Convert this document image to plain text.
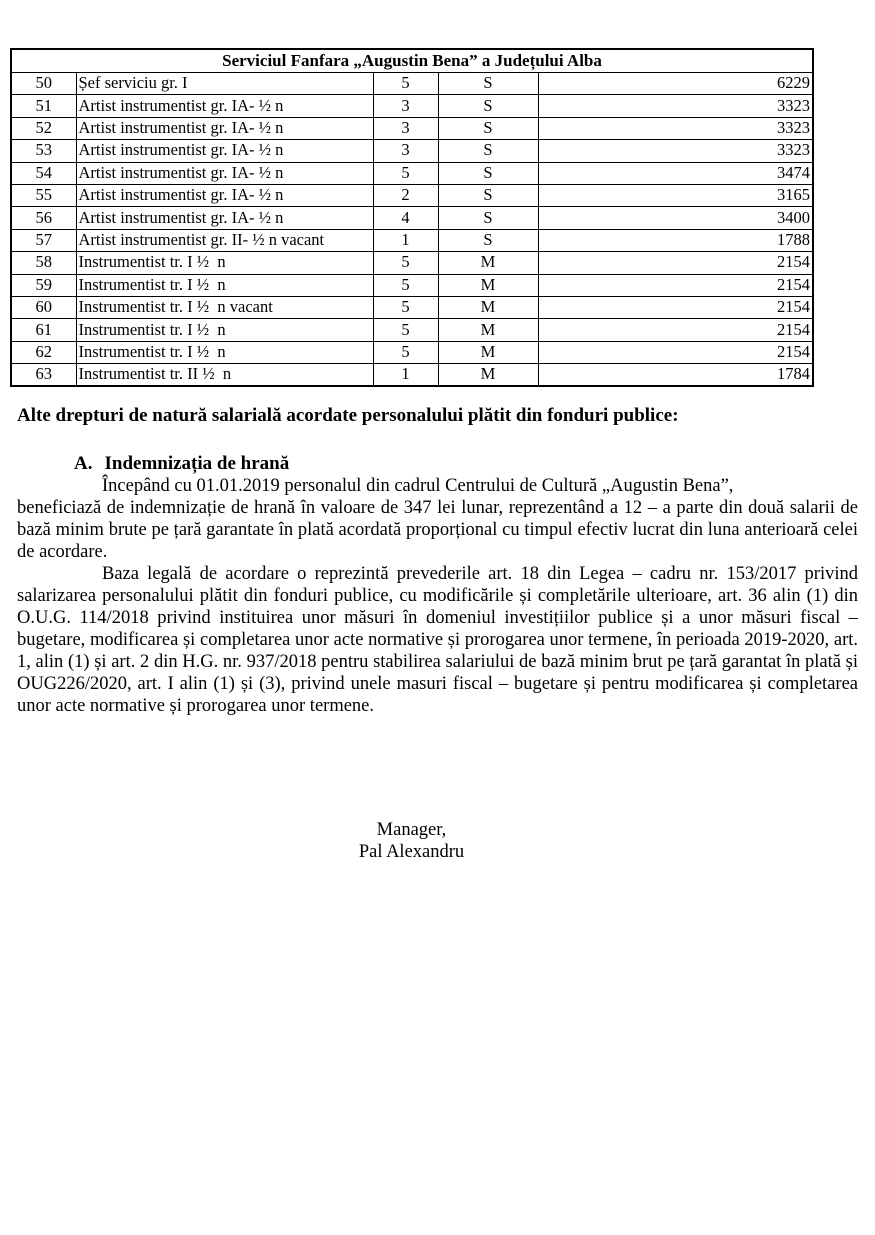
Serviciul Fanfara „Augustin Bena” a Județului Alba				
50	Șef serviciu gr. I	5	S	6229
51	Artist instrumentist gr. IA- ½ n	3	S	3323
52	Artist instrumentist gr. IA- ½ n	3	S	3323
53	Artist instrumentist gr. IA- ½ n	3	S	3323
54	Artist instrumentist gr. IA- ½ n	5	S	3474
55	Artist instrumentist gr. IA- ½ n	2	S	3165
56	Artist instrumentist gr. IA- ½ n	4	S	3400
57	Artist instrumentist gr. II- ½ n vacant	1	S	1788
58	Instrumentist tr. I ½  n	5	M	2154
59	Instrumentist tr. I ½  n	5	M	2154
60	Instrumentist tr. I ½  n vacant	5	M	2154
61	Instrumentist tr. I ½  n	5	M	2154
62	Instrumentist tr. I ½  n	5	M	2154
63	Instrumentist tr. II ½  n	1	M	1784

Alte drepturi de natură salarială acordate personalului plătit din fonduri publice:

A. Indemnizația de hrană

Începând cu 01.01.2019 personalul din cadrul Centrului de Cultură „Augustin Bena”,
beneficiază de indemnizație de hrană în valoare de 347 lei lunar, reprezentând a 12 – a parte din două salarii de bază minim brute pe țară garantate în plată acordată proporțional cu timpul efectiv lucrat din luna anterioară celei de acordare.

Baza legală de acordare o reprezintă prevederile art. 18 din Legea – cadru nr. 153/2017 privind salarizarea personalului plătit din fonduri publice, cu modificările și completările ulterioare, art. 36 alin (1) din O.U.G. 114/2018 privind instituirea unor măsuri în domeniul investițiilor publice și a unor măsuri fiscal – bugetare, modificarea și completarea unor acte normative și prorogarea unor termene, în perioada 2019-2020, art. 1, alin (1) și art. 2 din H.G. nr. 937/2018 pentru stabilirea salariului de bază minim brut pe țară garantat în plată și OUG226/2020, art. I alin (1) și (3), privind unele masuri fiscal – bugetare și pentru modificarea și completarea unor acte normative și prorogarea unor termene.

Manager,
Pal Alexandru
